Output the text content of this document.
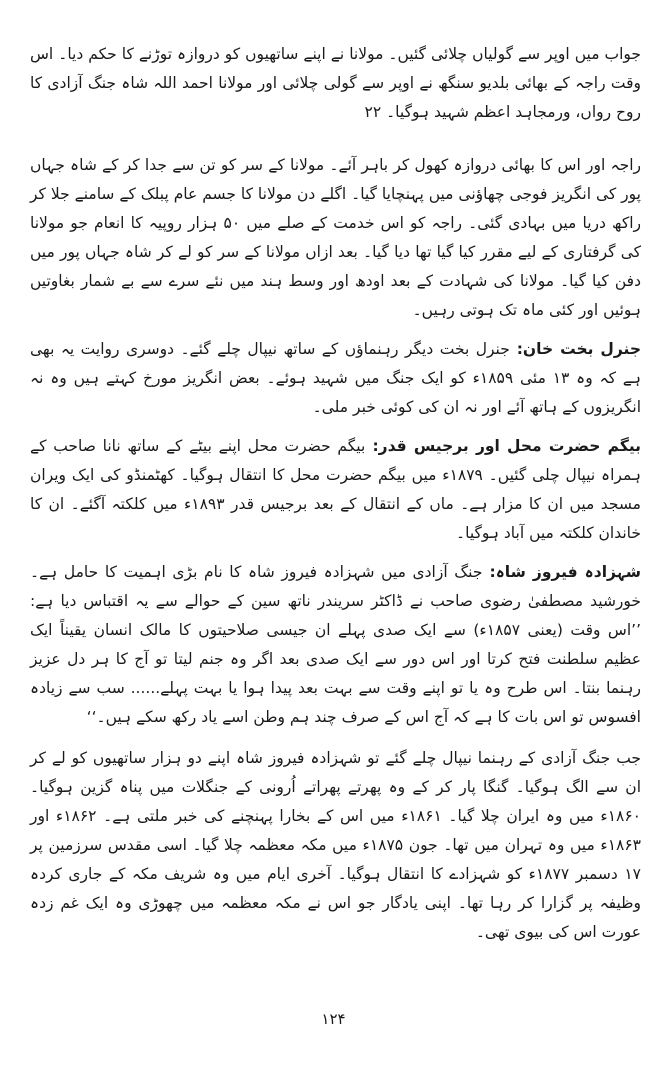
جواب میں اوپر سے گولیاں چلائی گئیں۔ مولانا نے اپنے ساتھیوں کو دروازہ توڑنے کا حکم دیا۔ اس وقت راجہ کے بھائی بلدیو سنگھ نے اوپر سے گولی چلائی اور مولانا احمد اللہ شاہ جنگ آزادی کا روح رواں، ورمجاہد اعظم شہید ہوگیا۔ ۲۲

راجہ اور اس کا بھائی دروازہ کھول کر باہر آئے۔ مولانا کے سر کو تن سے جدا کر کے شاہ جہاں پور کی انگریز فوجی چھاؤنی میں پہنچایا گیا۔ اگلے دن مولانا کا جسم عام پبلک کے سامنے جلا کر راکھ دریا میں بہادی گئی۔ راجہ کو اس خدمت کے صلے میں ۵۰ ہزار روپیہ کا انعام جو مولانا کی گرفتاری کے لیے مقرر کیا گیا تھا دیا گیا۔ بعد ازاں مولانا کے سر کو لے کر شاہ جہاں پور میں دفن کیا گیا۔ مولانا کی شہادت کے بعد اودھ اور وسط ہند میں نئے سرے سے بے شمار بغاوتیں ہوئیں اور کئی ماہ تک ہوتی رہیں۔

جنرل بخت خان: جنرل بخت دیگر رہنماؤں کے ساتھ نیپال چلے گئے۔ دوسری روایت یہ بھی ہے کہ وہ ۱۳ مئی ۱۸۵۹ء کو ایک جنگ میں شہید ہوئے۔ بعض انگریز مورخ کہتے ہیں وہ نہ انگریزوں کے ہاتھ آئے اور نہ ان کی کوئی خبر ملی۔

بیگم حضرت محل اور برجیس قدر: بیگم حضرت محل اپنے بیٹے کے ساتھ نانا صاحب کے ہمراہ نیپال چلی گئیں۔ ۱۸۷۹ء میں بیگم حضرت محل کا انتقال ہوگیا۔ کھٹمنڈو کی ایک ویران مسجد میں ان کا مزار ہے۔ ماں کے انتقال کے بعد برجیس قدر ۱۸۹۳ء میں کلکتہ آگئے۔ ان کا خاندان کلکتہ میں آباد ہوگیا۔

شہزادہ فیروز شاہ: جنگ آزادی میں شہزادہ فیروز شاہ کا نام بڑی اہمیت کا حامل ہے۔ خورشید مصطفیٰ رضوی صاحب نے ڈاکٹر سریندر ناتھ سین کے حوالے سے یہ اقتباس دیا ہے: ’’اس وقت (یعنی ۱۸۵۷ء) سے ایک صدی پہلے ان جیسی صلاحیتوں کا مالک انسان یقیناً ایک عظیم سلطنت فتح کرتا اور اس دور سے ایک صدی بعد اگر وہ جنم لیتا تو آج کا ہر دل عزیز رہنما بنتا۔ اس طرح وہ یا تو اپنے وقت سے بہت بعد پیدا ہوا یا بہت پہلے...... سب سے زیادہ افسوس تو اس بات کا ہے کہ آج اس کے صرف چند ہم وطن اسے یاد رکھ سکے ہیں۔‘‘

جب جنگ آزادی کے رہنما نیپال چلے گئے تو شہزادہ فیروز شاہ اپنے دو ہزار ساتھیوں کو لے کر ان سے الگ ہوگیا۔ گنگا پار کر کے وہ پھرتے پھراتے اُرونی کے جنگلات میں پناہ گزین ہوگیا۔ ۱۸۶۰ء میں وہ ایران چلا گیا۔ ۱۸۶۱ء میں اس کے بخارا پہنچنے کی خبر ملتی ہے۔ ۱۸۶۲ء اور ۱۸۶۳ء میں وہ تہران میں تھا۔ جون ۱۸۷۵ء میں مکہ معظمہ چلا گیا۔ اسی مقدس سرزمین پر ۱۷ دسمبر ۱۸۷۷ء کو شہزادے کا انتقال ہوگیا۔ آخری ایام میں وہ شریف مکہ کے جاری کردہ وظیفہ پر گزارا کر رہا تھا۔ اپنی یادگار جو اس نے مکہ معظمہ میں چھوڑی وہ ایک غم زدہ عورت اس کی بیوی تھی۔

۱۲۴
